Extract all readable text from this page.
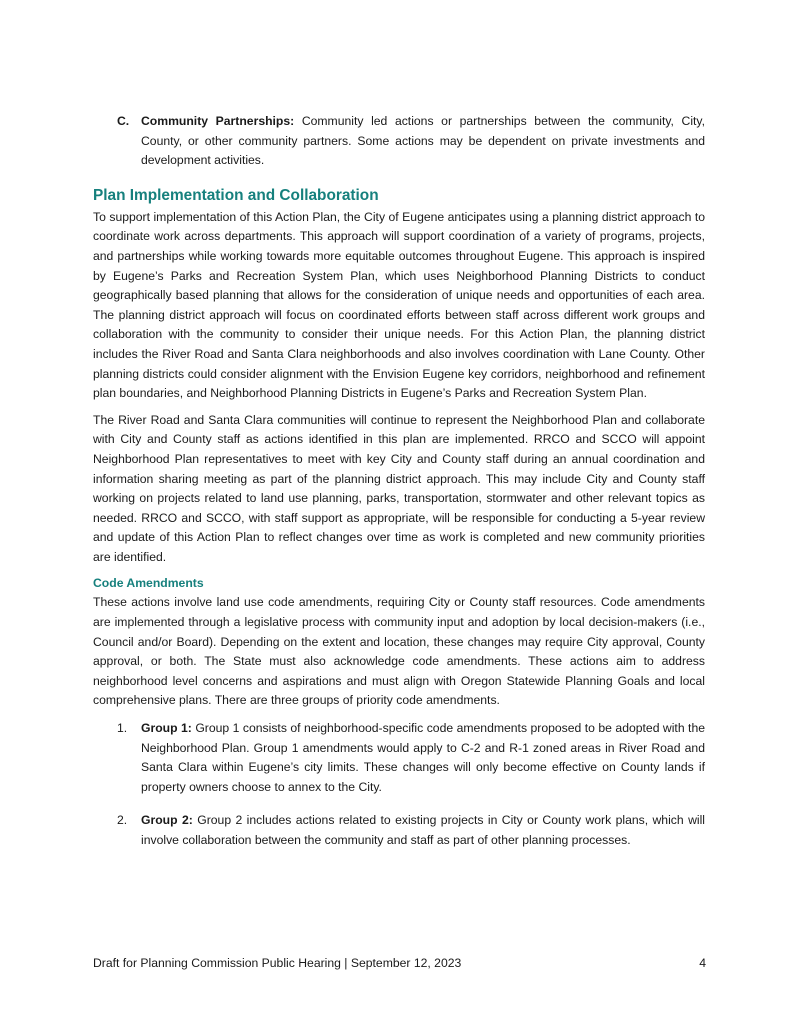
C. Community Partnerships: Community led actions or partnerships between the community, City, County, or other community partners. Some actions may be dependent on private investments and development activities.
Plan Implementation and Collaboration

To support implementation of this Action Plan, the City of Eugene anticipates using a planning district approach to coordinate work across departments. This approach will support coordination of a variety of programs, projects, and partnerships while working towards more equitable outcomes throughout Eugene. This approach is inspired by Eugene’s Parks and Recreation System Plan, which uses Neighborhood Planning Districts to conduct geographically based planning that allows for the consideration of unique needs and opportunities of each area. The planning district approach will focus on coordinated efforts between staff across different work groups and collaboration with the community to consider their unique needs. For this Action Plan, the planning district includes the River Road and Santa Clara neighborhoods and also involves coordination with Lane County. Other planning districts could consider alignment with the Envision Eugene key corridors, neighborhood and refinement plan boundaries, and Neighborhood Planning Districts in Eugene’s Parks and Recreation System Plan.

The River Road and Santa Clara communities will continue to represent the Neighborhood Plan and collaborate with City and County staff as actions identified in this plan are implemented. RRCO and SCCO will appoint Neighborhood Plan representatives to meet with key City and County staff during an annual coordination and information sharing meeting as part of the planning district approach. This may include City and County staff working on projects related to land use planning, parks, transportation, stormwater and other relevant topics as needed. RRCO and SCCO, with staff support as appropriate, will be responsible for conducting a 5-year review and update of this Action Plan to reflect changes over time as work is completed and new community priorities are identified.

Code Amendments

These actions involve land use code amendments, requiring City or County staff resources. Code amendments are implemented through a legislative process with community input and adoption by local decision-makers (i.e., Council and/or Board). Depending on the extent and location, these changes may require City approval, County approval, or both. The State must also acknowledge code amendments. These actions aim to address neighborhood level concerns and aspirations and must align with Oregon Statewide Planning Goals and local comprehensive plans. There are three groups of priority code amendments.

1. Group 1: Group 1 consists of neighborhood-specific code amendments proposed to be adopted with the Neighborhood Plan. Group 1 amendments would apply to C-2 and R-1 zoned areas in River Road and Santa Clara within Eugene’s city limits. These changes will only become effective on County lands if property owners choose to annex to the City.
2. Group 2: Group 2 includes actions related to existing projects in City or County work plans, which will involve collaboration between the community and staff as part of other planning processes.
Draft for Planning Commission Public Hearing | September 12, 2023	4
